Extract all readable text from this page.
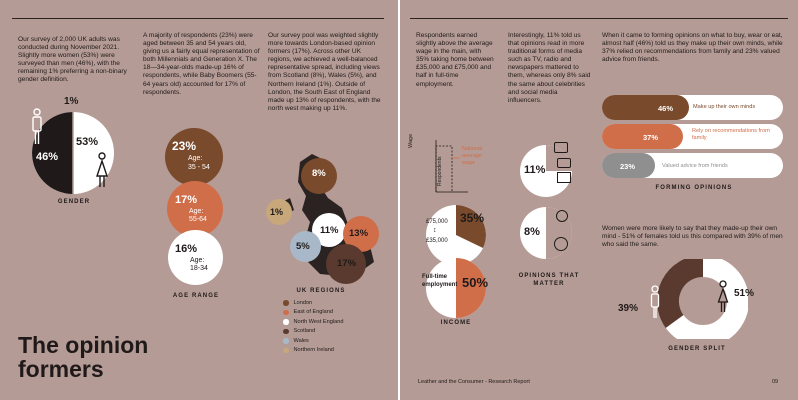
Our survey of 2,000 UK adults was conducted during November 2021. Slightly more women (53%) were surveyed than men (46%), with the remaining 1% preferring a non-binary gender definition.
A majority of respondents (23%) were aged between 35 and 54 years old, giving us a fairly equal representation of both Millennials and Generation X. The 18—34-year-olds made-up 16% of respondents, while Baby Boomers (55-64 years old) accounted for 17% of respondents.
Our survey pool was weighted slightly more towards London-based opinion formers (17%). Across other UK regions, we achieved a well-balanced representative spread, including views from Scotland (8%), Wales (5%), and Northern Ireland (1%). Outside of London, the South East of England made up 13% of respondents, with the north west making up 11%.
1%
46%
53%
GENDER
23%
Age:
35 - 54
17%
Age:
55-64
16%
Age:
18-34
AGE RANGE
8%
1%
11% 13%
5%
17%
UK REGIONS
London
East of England
North West England
Scotland
Wales
Northern Ireland
The opinion
formers
Respondents earned slightly above the average wage in the main, with 35% taking home between £35,000 and £75,000 and half in full-time employment.
Interestingly, 11% told us that opinions read in more traditional forms of media such as TV, radio and newspapers mattered to them, whereas only 8% said the same about celebrities and social media influencers.
When it came to forming opinions on what to buy, wear or eat, almost half (46%) told us they make up their own minds, while 37% relied on recommendations from family and 23% valued advice from friends.
Wage
Respondents
National average wage
£75,000
↕
£35,000
35%
Full-time employment 50%
INCOME
11%
8%
OPINIONS THAT MATTER
46%	Make up their own minds
37%
Rely on recommendations from family
23%	Valued advice from friends
FORMING OPINIONS
Women were more likely to say that they made-up their own mind - 51% of females told us this compared with 39% of men who said the same.
39%
51%
GENDER SPLIT
Leather and the Consumer - Research Report	09
